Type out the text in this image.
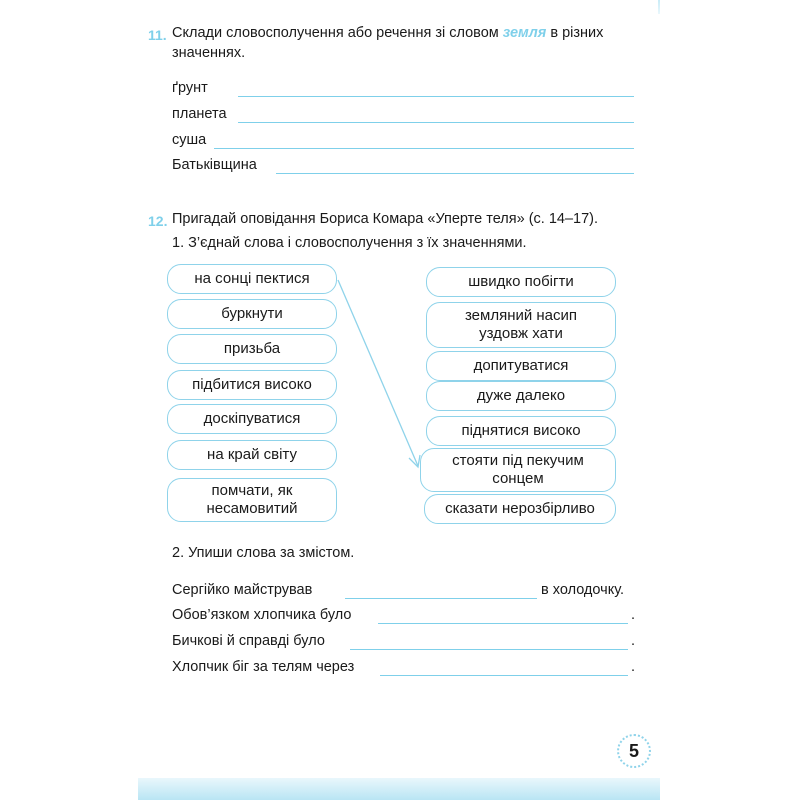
11. Склади словосполучення або речення зі словом земля в різних
значеннях.
ґрунт
планета
суша
Батьківщина
12. Пригадай оповідання Бориса Комара «Уперте теля» (с. 14–17).
1. З’єднай слова і словосполучення з їх значеннями.
на сонці пектися
буркнути
призьба
підбитися високо
доскіпуватися
на край світу
помчати, як
несамовитий
швидко побігти
земляний насип
уздовж хати
допитуватися
дуже далеко
піднятися високо
стояти під пекучим
сонцем
сказати нерозбірливо
2. Упиши слова за змістом.
Сергійко майстрував	в холодочку.
Обов’язком хлопчика було	.
Бичкові й справді було	.
Хлопчик біг за телям через	.
5
